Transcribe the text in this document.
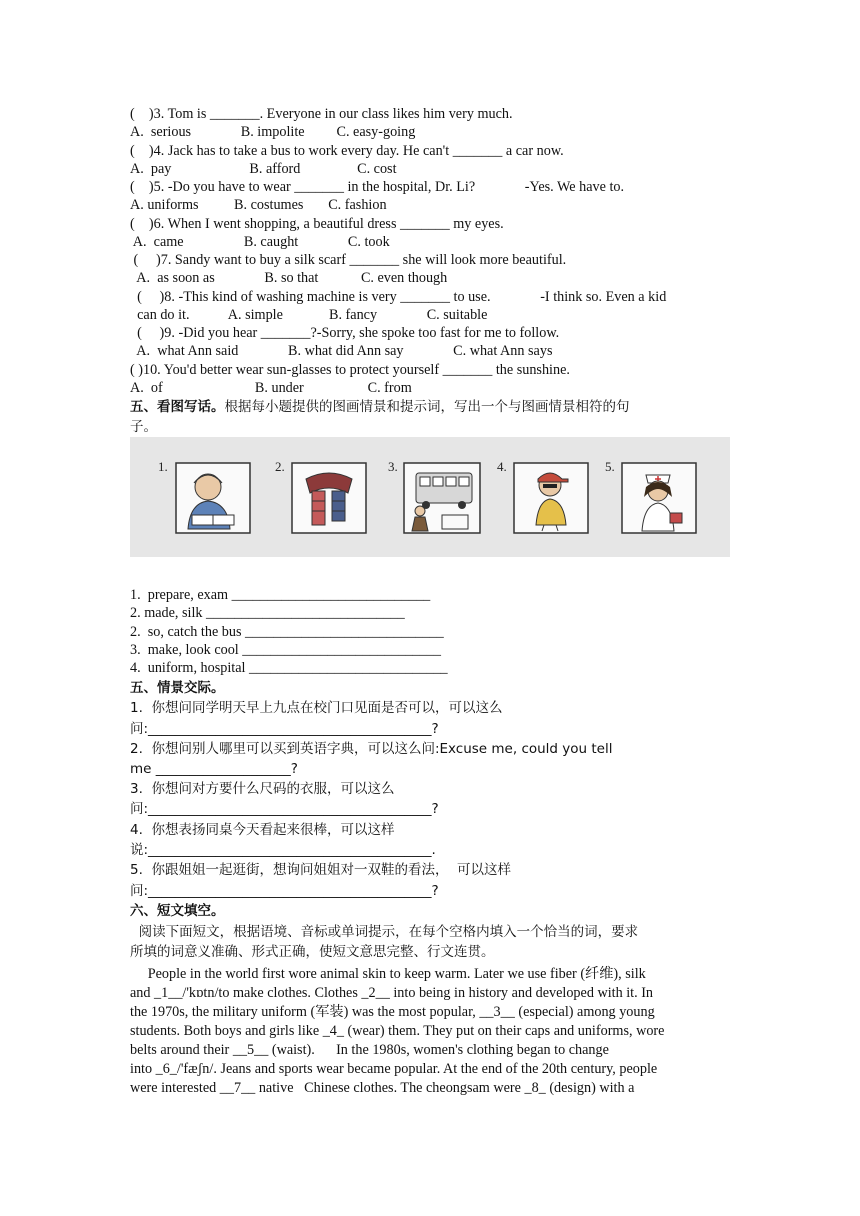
(    )3. Tom is _______. Everyone in our class likes him very much.
A.  serious              B. impolite         C. easy-going
(    )4. Jack has to take a bus to work every day. He can't _______ a car now.
A.  pay                      B. afford                C. cost
(    )5. -Do you have to wear _______ in the hospital, Dr. Li?              -Yes. We have to.
A. uniforms          B. costumes       C. fashion
(    )6. When I went shopping, a beautiful dress _______ my eyes.
A.  came                 B. caught              C. took
(     )7. Sandy want to buy a silk scarf _______ she will look more beautiful.
A.  as soon as              B. so that            C. even though
(     )8. -This kind of washing machine is very _______ to use.              -I think so. Even a kid
can do it.           A. simple             B. fancy              C. suitable
(     )9. -Did you hear _______?-Sorry, she spoke too fast for me to follow.
A.  what Ann said              B. what did Ann say              C. what Ann says
( )10. You'd better wear sun-glasses to protect yourself _______ the sunshine.
A.  of                          B. under                  C. from
五、看图写话。根据每小题提供的图画情景和提示词，写出一个与图画情景相符的句
子。
1.	2.	3.	4.	5.
1.  prepare, exam ____________________________
2. made, silk ____________________________
2.  so, catch the bus ____________________________
3.  make, look cool ____________________________
4.  uniform, hospital ____________________________
五、情景交际。
1.  你想问同学明天早上九点在校门口见面是否可以，可以这么
问:__________________________________________?
2.  你想问别人哪里可以买到英语字典，可以这么问:Excuse me, could you tell
me ____________________?
3.  你想问对方要什么尺码的衣服，可以这么
问:__________________________________________?
4.  你想表扬同桌今天看起来很棒，可以这样
说:__________________________________________.
5.  你跟姐姐一起逛街，想询问姐姐对一双鞋的看法，  可以这样
问:__________________________________________?
六、短文填空。
阅读下面短文，根据语境、音标或单词提示，在每个空格内填入一个恰当的词，要求
所填的词意义准确、形式正确，使短文意思完整、行文连贯。
People in the world first wore animal skin to keep warm. Later we use fiber (纤维), silk
and _1__/'kɒtn/to make clothes. Clothes _2__ into being in history and developed with it. In
the 1970s, the military uniform (军装) was the most popular, __3__ (especial) among young
students. Both boys and girls like _4_ (wear) them. They put on their caps and uniforms, wore
belts around their __5__ (waist).      In the 1980s, women's clothing began to change
into _6_/'fæʃn/. Jeans and sports wear became popular. At the end of the 20th century, people
were interested __7__ native   Chinese clothes. The cheongsam were _8_ (design) with a
